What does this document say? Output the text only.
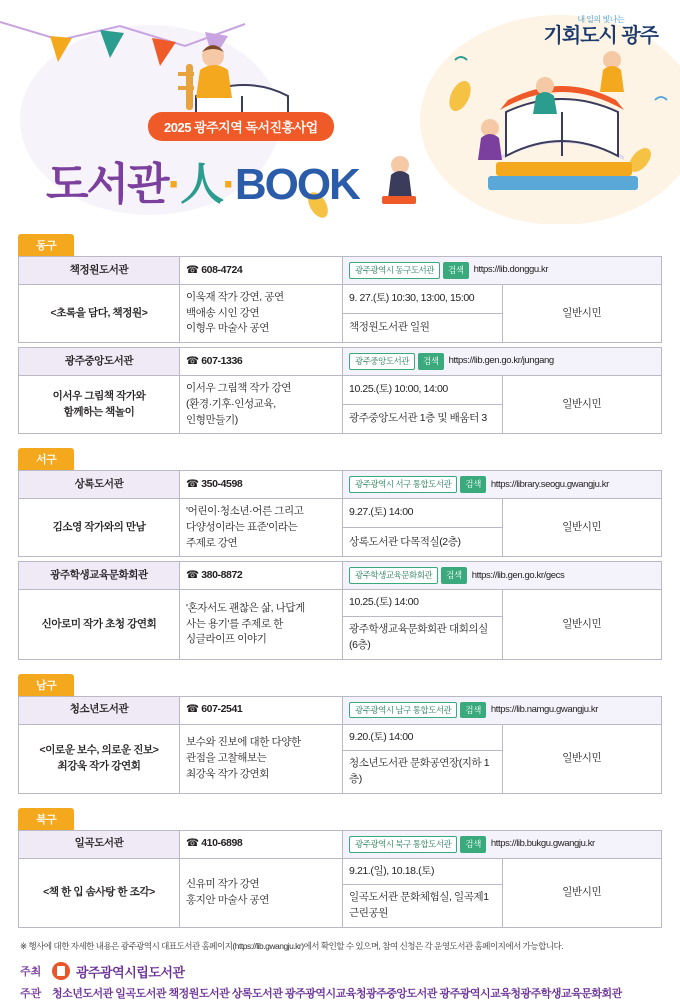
내 일의 빛나는
기회도시 광주
2025 광주지역 독서진흥사업
도서관·人·BOOK
동구
책정원도서관	☎ 608-4724	광주광역시 동구도서관 검색 https://lib.donggu.kr	
<초록을 담다, 책정원>	이욱재 작가 강연, 공연
백애송 시인 강연
이형우 마술사 공연	9. 27.(토) 10:30, 13:00, 15:00	일반시민
		책정원도서관 일원	
광주중앙도서관	☎ 607-1336	광주중앙도서관 검색 https://lib.gen.go.kr/jungang	
이서우 그림책 작가와
함께하는 책놀이	이서우 그림책 작가 강연
(환경·기후·인성교육,
인형만들기)	10.25.(토) 10:00, 14:00	일반시민
		광주중앙도서관 1층 및 배움터 3	
서구
상록도서관	☎ 350-4598	광주광역시 서구 통합도서관 검색 https://library.seogu.gwangju.kr	
김소영 작가와의 만남	'어린이·청소년·어른 그리고
다양성이라는 표준'이라는
주제로 강연	9.27.(토) 14:00	일반시민
		상록도서관 다목적실(2층)	
광주학생교육문화회관	☎ 380-8872	광주학생교육문화회관 검색 https://lib.gen.go.kr/gecs	
신아로미 작가 초청 강연회	'혼자서도 괜찮은 삶, 나답게
사는 용기'를 주제로 한
싱글라이프 이야기	10.25.(토) 14:00	일반시민
		광주학생교육문화회관 대회의실(6층)	
남구
청소년도서관	☎ 607-2541	광주광역시 남구 통합도서관 검색 https://lib.namgu.gwangju.kr	
<이로운 보수, 의로운 진보>
최강욱 작가 강연회	보수와 진보에 대한 다양한
관점을 고찰해보는
최강욱 작가 강연회	9.20.(토) 14:00	일반시민
		청소년도서관 문화공연장(지하 1층)	
북구
일곡도서관	☎ 410-6898	광주광역시 북구 통합도서관 검색 https://lib.bukgu.gwangju.kr	
<책 한 입 솜사탕 한 조각>	신유미 작가 강연
홍지안 마술사 공연	9.21.(일), 10.18.(토)	일반시민
		일곡도서관 문화체험실, 일곡제1근린공원	
※ 행사에 대한 자세한 내용은 광주광역시 대표도서관 홈페이지(https://lib.gwangju.kr)에서 확인할 수 있으며, 참여 신청은 각 운영도서관 홈페이지에서 가능합니다.
주최	광주광역시립도서관
주관 청소년도서관 일곡도서관 책정원도서관 상록도서관 광주광역시교육청광주중앙도서관 광주광역시교육청광주학생교육문화회관
